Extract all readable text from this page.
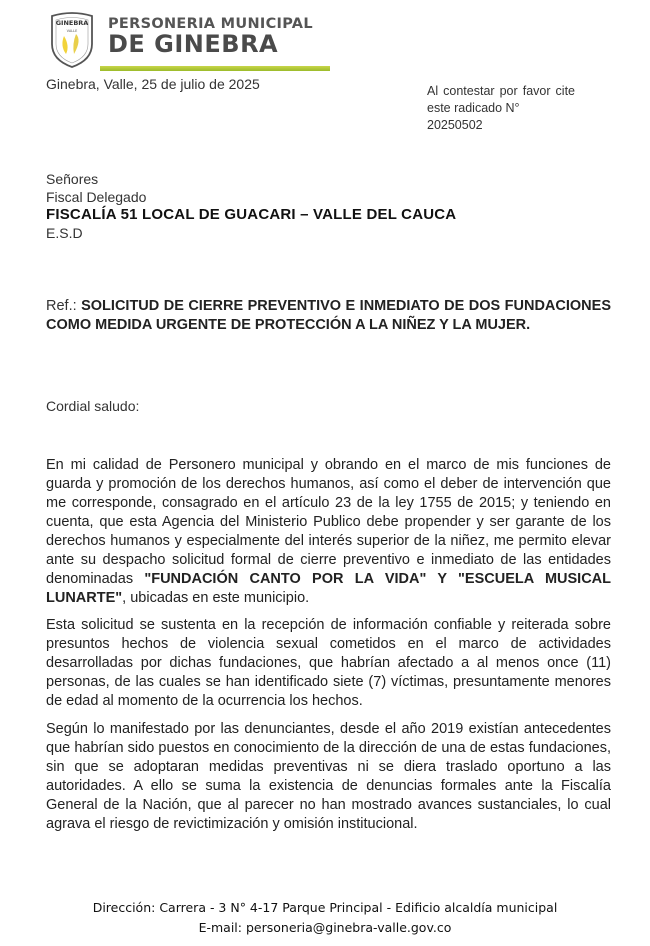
GINEBRA
VALLE PERSONERIA MUNICIPAL
DE GINEBRA
Ginebra, Valle, 25 de julio de 2025	Al contestar por favor cite
este radicado N° 20250502
Señores
Fiscal Delegado
FISCALÍA 51 LOCAL DE GUACARI – VALLE DEL CAUCA
E.S.D
Ref.: SOLICITUD DE CIERRE PREVENTIVO E INMEDIATO DE DOS FUNDACIONES COMO MEDIDA URGENTE DE PROTECCIÓN A LA NIÑEZ Y LA MUJER.
Cordial saludo:
En mi calidad de Personero municipal y obrando en el marco de mis funciones de guarda y promoción de los derechos humanos, así como el deber de intervención que me corresponde, consagrado en el artículo 23 de la ley 1755 de 2015; y teniendo en cuenta, que esta Agencia del Ministerio Publico debe propender y ser garante de los derechos humanos y especialmente del interés superior de la niñez, me permito elevar ante su despacho solicitud formal de cierre preventivo e inmediato de las entidades denominadas "FUNDACIÓN CANTO POR LA VIDA" Y "ESCUELA MUSICAL LUNARTE", ubicadas en este municipio.
Esta solicitud se sustenta en la recepción de información confiable y reiterada sobre presuntos hechos de violencia sexual cometidos en el marco de actividades desarrolladas por dichas fundaciones, que habrían afectado a al menos once (11) personas, de las cuales se han identificado siete (7) víctimas, presuntamente menores de edad al momento de la ocurrencia los hechos.
Según lo manifestado por las denunciantes, desde el año 2019 existían antecedentes que habrían sido puestos en conocimiento de la dirección de una de estas fundaciones, sin que se adoptaran medidas preventivas ni se diera traslado oportuno a las autoridades. A ello se suma la existencia de denuncias formales ante la Fiscalía General de la Nación, que al parecer no han mostrado avances sustanciales, lo cual agrava el riesgo de revictimización y omisión institucional.
Dirección: Carrera - 3 N° 4-17 Parque Principal - Edificio alcaldía municipal
E-mail: personeria@ginebra-valle.gov.co
